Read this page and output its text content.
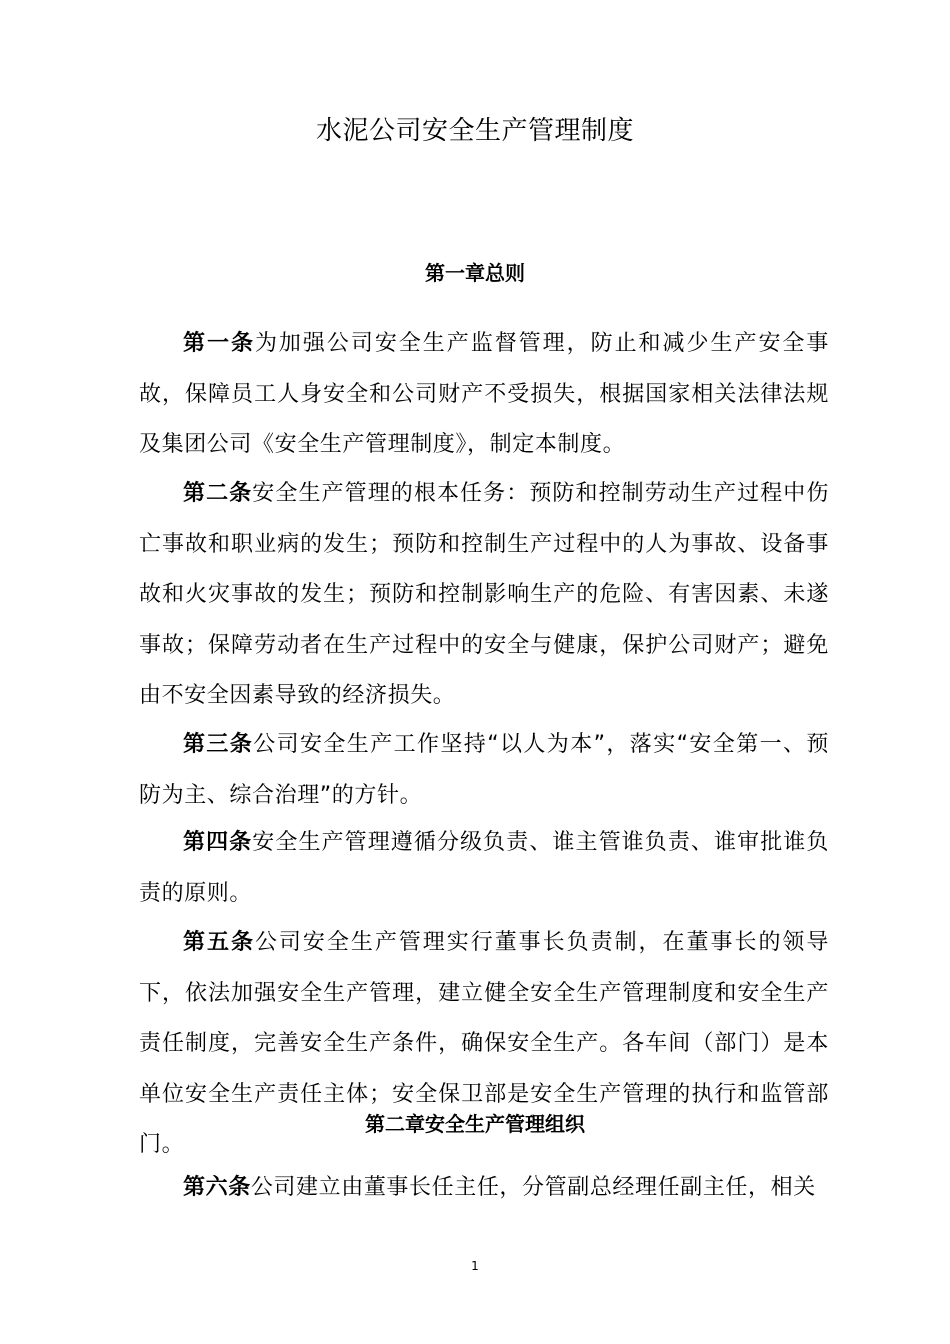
水泥公司安全生产管理制度
第一章总则
第一条为加强公司安全生产监督管理，防止和减少生产安全事故，保障员工人身安全和公司财产不受损失，根据国家相关法律法规及集团公司《安全生产管理制度》，制定本制度。
第二条安全生产管理的根本任务：预防和控制劳动生产过程中伤亡事故和职业病的发生；预防和控制生产过程中的人为事故、设备事故和火灾事故的发生；预防和控制影响生产的危险、有害因素、未遂事故；保障劳动者在生产过程中的安全与健康，保护公司财产；避免由不安全因素导致的经济损失。
第三条公司安全生产工作坚持“以人为本”，落实“安全第一、预防为主、综合治理”的方针。
第四条安全生产管理遵循分级负责、谁主管谁负责、谁审批谁负责的原则。
第五条公司安全生产管理实行董事长负责制，在董事长的领导下，依法加强安全生产管理，建立健全安全生产管理制度和安全生产责任制度，完善安全生产条件，确保安全生产。各车间（部门）是本单位安全生产责任主体；安全保卫部是安全生产管理的执行和监管部门。
第二章安全生产管理组织
第六条公司建立由董事长任主任，分管副总经理任副主任，相关
1
